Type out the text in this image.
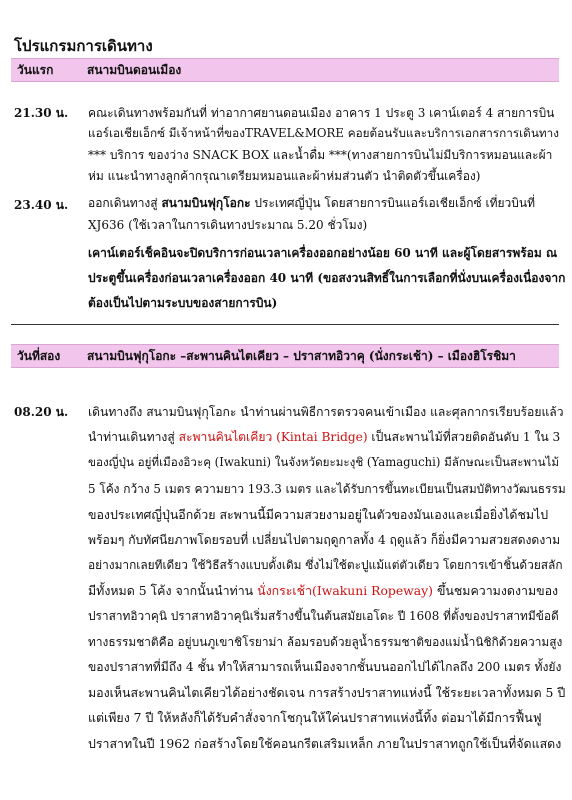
โปรแกรมการเดินทาง
วันแรก	สนามบินดอนเมือง
21.30 น. คณะเดินทางพร้อมกันที่ ท่าอากาศยานดอนเมือง อาคาร 1 ประตู 3 เคาน์เตอร์ 4 สายการบิน
แอร์เอเชียเอ็กซ์ มีเจ้าหน้าที่ของTRAVEL&MORE คอยต้อนรับและบริการเอกสารการเดินทาง
*** บริการ ของว่าง SNACK BOX และน้ำดื่ม ***(ทางสายการบินไม่มีบริการหมอนและผ้า
ห่ม แนะนำทางลูกค้ากรุณาเตรียมหมอนและผ้าห่มส่วนตัว นำติดตัวขึ้นเครื่อง)
23.40 น. ออกเดินทางสู่ สนามบินฟุกุโอกะ ประเทศญี่ปุ่น โดยสายการบินแอร์เอเชียเอ็กซ์ เที่ยวบินที่
XJ636 (ใช้เวลาในการเดินทางประมาณ 5.20 ชั่วโมง)
เคาน์เตอร์เช็คอินจะปิดบริการก่อนเวลาเครื่องออกอย่างน้อย 60 นาที และผู้โดยสารพร้อม ณ
ประตูขึ้นเครื่องก่อนเวลาเครื่องออก 40 นาที (ขอสงวนสิทธิ์ในการเลือกที่นั่งบนเครื่องเนื่องจาก
ต้องเป็นไปตามระบบของสายการบิน)
วันที่สอง	สนามบินฟุกุโอกะ –สะพานคินไตเคียว – ปราสาทอิวาคุ (นั่งกระเช้า) – เมืองฮิโรชิมา
08.20 น. เดินทางถึง สนามบินฟุกุโอกะ นำท่านผ่านพิธีการตรวจคนเข้าเมือง และศุลกากรเรียบร้อยแล้ว
นำท่านเดินทางสู่ สะพานคินไตเคียว (Kintai Bridge) เป็นสะพานไม้ที่สวยติดอันดับ 1 ใน 3
ของญี่ปุ่น อยู่ที่เมืองอิวะคุ (Iwakuni) ในจังหวัดยะมะงุชิ (Yamaguchi) มีลักษณะเป็นสะพานไม้
5 โค้ง กว้าง 5 เมตร ความยาว 193.3 เมตร และได้รับการขึ้นทะเบียนเป็นสมบัติทางวัฒนธรรม
ของประเทศญี่ปุ่นอีกด้วย สะพานนี้มีความสวยงามอยู่ในตัวของมันเองและเมื่อยิ่งได้ชมไป
พร้อมๆ กับทัศนียภาพโดยรอบที่ เปลี่ยนไปตามฤดูกาลทั้ง 4 ฤดูแล้ว ก็ยิ่งมีความสวยสดงดงาม
อย่างมากเลยทีเดียว ใช้วิธีสร้างแบบดั้งเดิม ซึ่งไม่ใช้ตะปูแม้แต่ตัวเดียว โดยการเข้าชิ้นด้วยสลัก
มีทั้งหมด 5 โค้ง จากนั้นนำท่าน นั่งกระเช้า(Iwakuni Ropeway) ขึ้นชมความงดงามของ
ปราสาทอิวาคุนิ ปราสาทอิวาคุนิเริ่มสร้างขึ้นในต้นสมัยเอโดะ ปี 1608 ที่ตั้งของปราสาทมีข้อดี
ทางธรรมชาติคือ อยู่บนภูเขาชิโรยาม่า ล้อมรอบด้วยลูน้ำธรรมชาติของแม่น้ำนิชิกิด้วยความสูง
ของปราสาทที่มีถึง 4 ชั้น ทำให้สามารถเห็นเมืองจากชั้นบนออกไปได้ไกลถึง 200 เมตร ทั้งยัง
มองเห็นสะพานคินไตเคียวได้อย่างชัดเจน การสร้างปราสาทแห่งนี้ ใช้ระยะเวลาทั้งหมด 5 ปี
แต่เพียง 7 ปี ให้หลังก็ได้รับคำสั่งจากโชกุนให้ใค่นปราสาทแห่งนี้ทิ้ง ต่อมาได้มีการฟื้นฟู
ปราสาทในปี 1962 ก่อสร้างโดยใช้คอนกรีตเสริมเหล็ก ภายในปราสาทถูกใช้เป็นที่จัดแสดง
